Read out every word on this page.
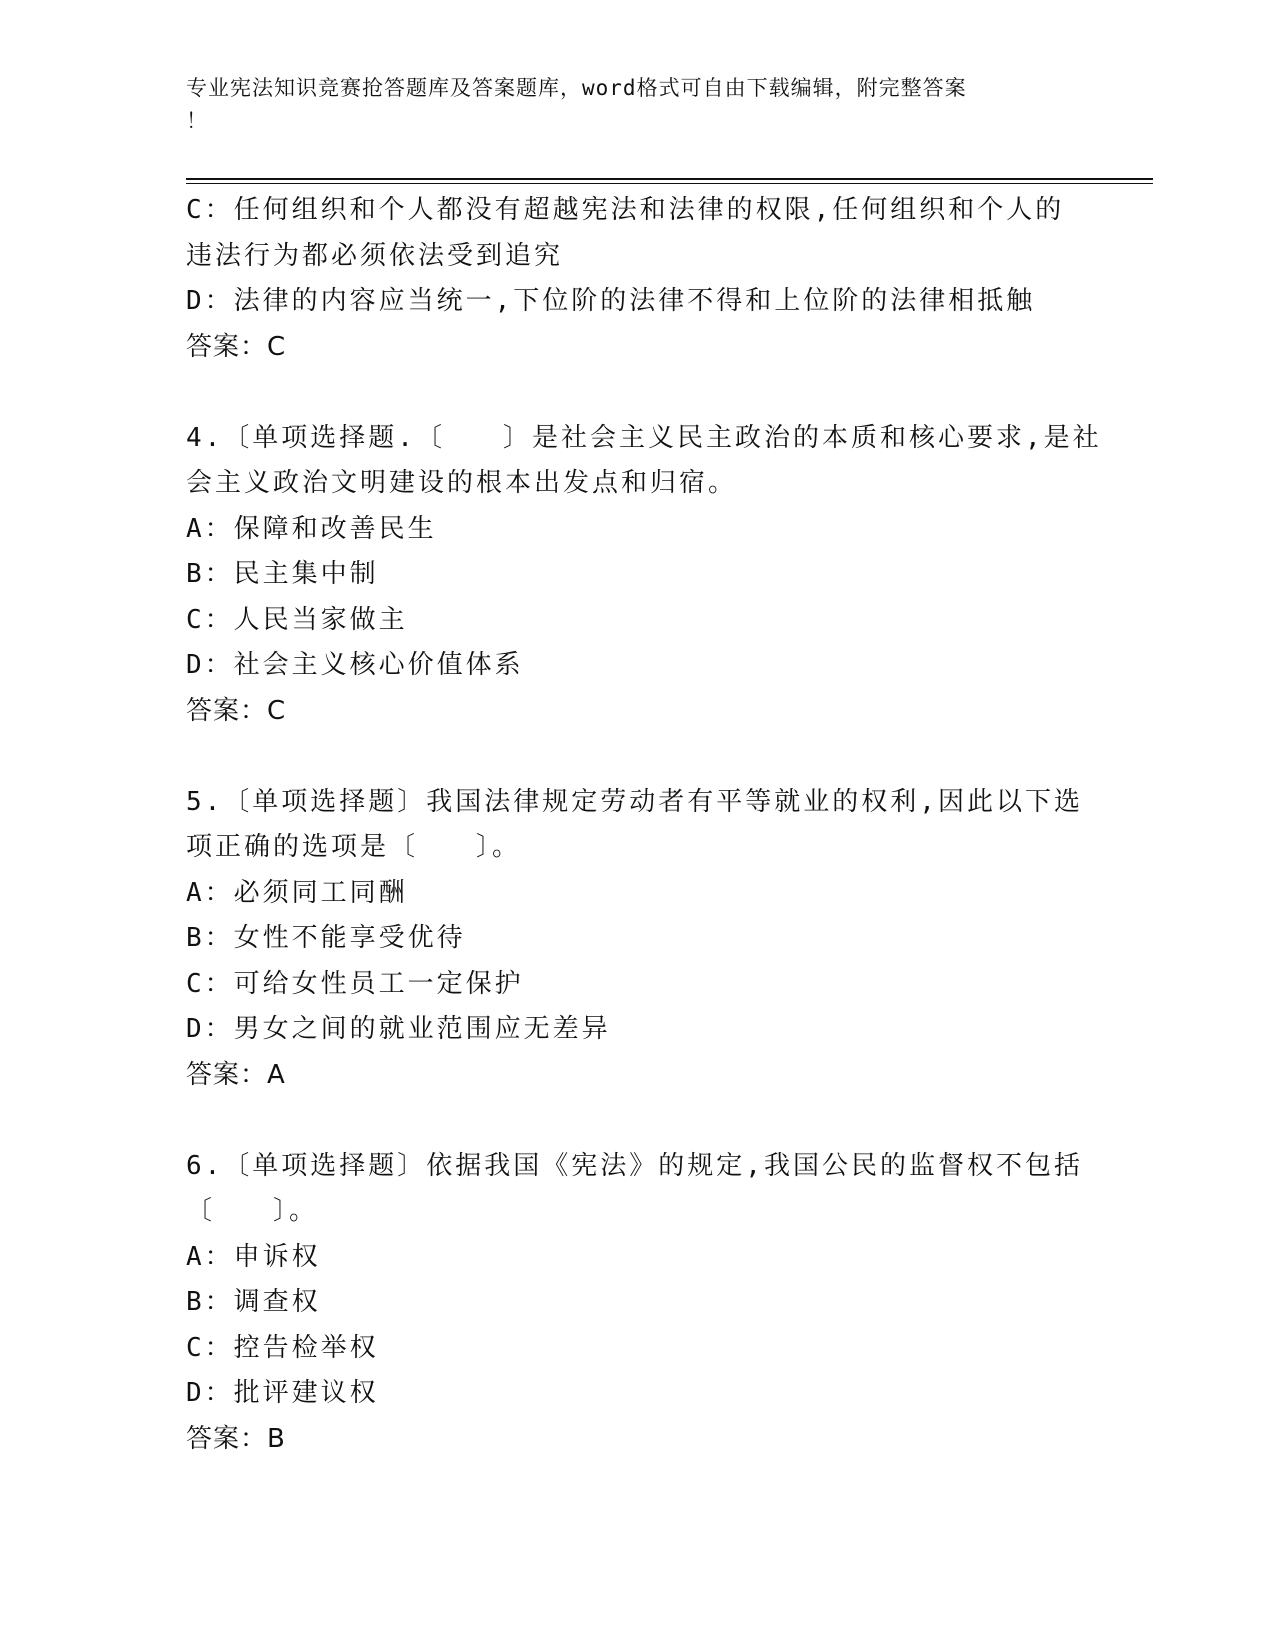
专业宪法知识竞赛抢答题库及答案题库，word格式可自由下载编辑，附完整答案
！
C：任何组织和个人都没有超越宪法和法律的权限,任何组织和个人的
违法行为都必须依法受到追究
D：法律的内容应当统一,下位阶的法律不得和上位阶的法律相抵触
答案：C
4.〔单项选择题.〔　　〕是社会主义民主政治的本质和核心要求,是社
会主义政治文明建设的根本出发点和归宿。
A：保障和改善民生
B：民主集中制
C：人民当家做主
D：社会主义核心价值体系
答案：C
5.〔单项选择题〕我国法律规定劳动者有平等就业的权利,因此以下选
项正确的选项是〔　　〕。
A：必须同工同酬
B：女性不能享受优待
C：可给女性员工一定保护
D：男女之间的就业范围应无差异
答案：A
6.〔单项选择题〕依据我国《宪法》的规定,我国公民的监督权不包括
〔　　〕。
A：申诉权
B：调查权
C：控告检举权
D：批评建议权
答案：B
